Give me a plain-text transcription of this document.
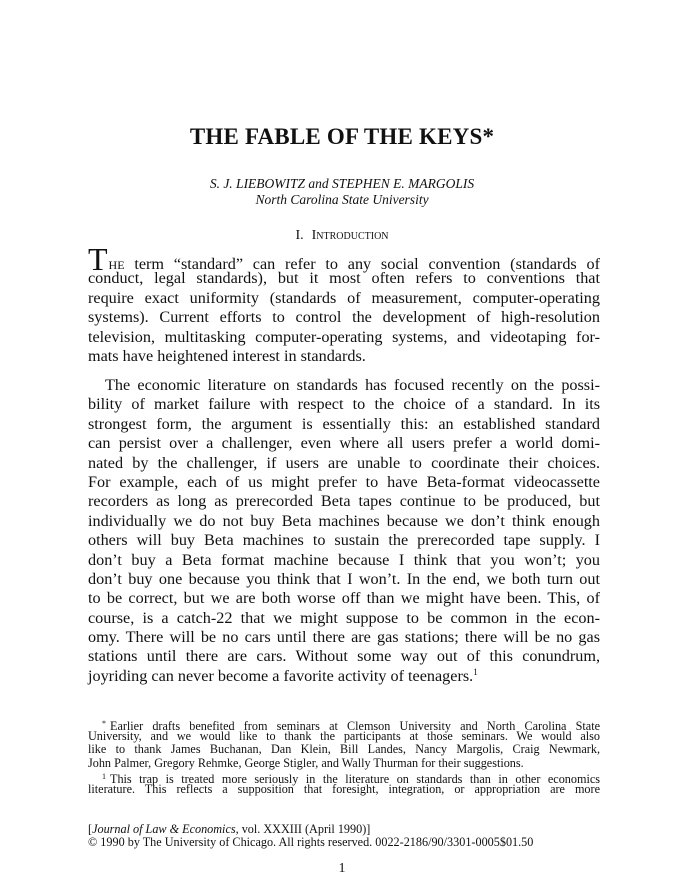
THE FABLE OF THE KEYS*
S. J. LIEBOWITZ and STEPHEN E. MARGOLIS
North Carolina State University
I. Introduction
THE term “standard” can refer to any social convention (standards of
conduct, legal standards), but it most often refers to conventions that
require exact uniformity (standards of measurement, computer-operating
systems). Current efforts to control the development of high-resolution
television, multitasking computer-operating systems, and videotaping for-
mats have heightened interest in standards.
The economic literature on standards has focused recently on the possi-
bility of market failure with respect to the choice of a standard. In its
strongest form, the argument is essentially this: an established standard
can persist over a challenger, even where all users prefer a world domi-
nated by the challenger, if users are unable to coordinate their choices.
For example, each of us might prefer to have Beta-format videocassette
recorders as long as prerecorded Beta tapes continue to be produced, but
individually we do not buy Beta machines because we don’t think enough
others will buy Beta machines to sustain the prerecorded tape supply. I
don’t buy a Beta format machine because I think that you won’t; you
don’t buy one because you think that I won’t. In the end, we both turn out
to be correct, but we are both worse off than we might have been. This, of
course, is a catch-22 that we might suppose to be common in the econ-
omy. There will be no cars until there are gas stations; there will be no gas
stations until there are cars. Without some way out of this conundrum,
joyriding can never become a favorite activity of teenagers.$^1$
* Earlier drafts benefited from seminars at Clemson University and North Carolina State
University, and we would like to thank the participants at those seminars. We would also
like to thank James Buchanan, Dan Klein, Bill Landes, Nancy Margolis, Craig Newmark,
John Palmer, Gregory Rehmke, George Stigler, and Wally Thurman for their suggestions.
$^1$ This trap is treated more seriously in the literature on standards than in other economics
literature. This reflects a supposition that foresight, integration, or appropriation are more
[Journal of Law & Economics, vol. XXXIII (April 1990)]
© 1990 by The University of Chicago. All rights reserved. 0022-2186/90/3301-0005$01.50
1
